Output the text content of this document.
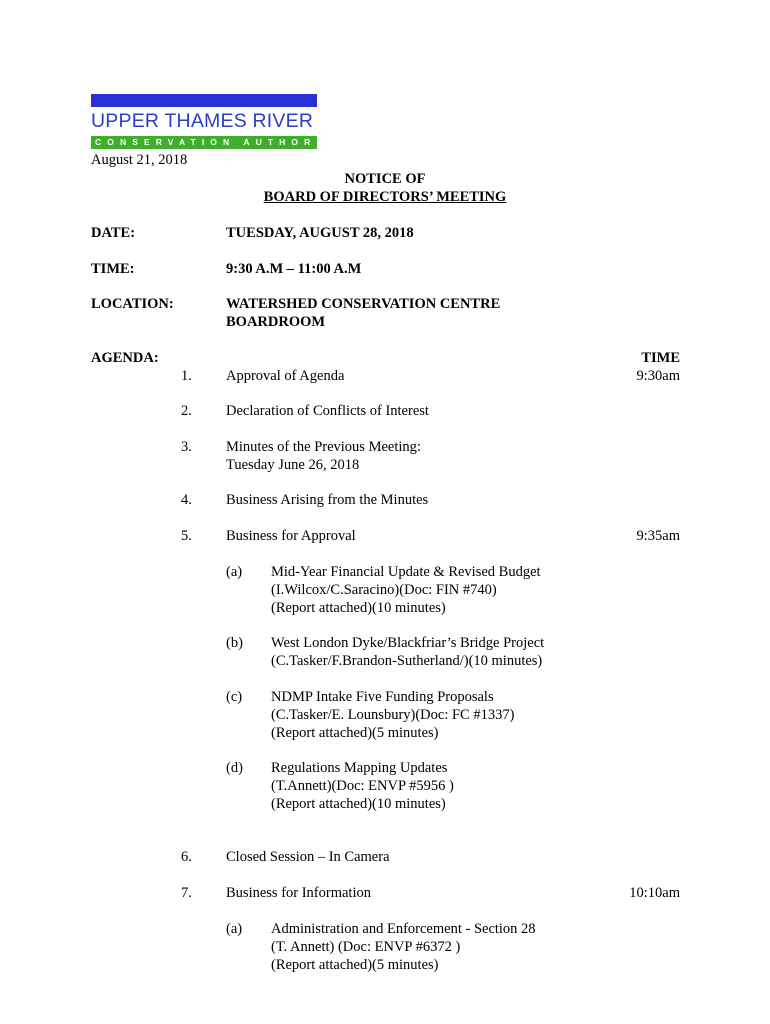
UPPER THAMES RIVER
CONSERVATION AUTHORITY
August 21, 2018
NOTICE OF
BOARD OF DIRECTORS’ MEETING
DATE:	TUESDAY, AUGUST 28, 2018
TIME:	9:30 A.M – 11:00 A.M
LOCATION:	WATERSHED CONSERVATION CENTRE
BOARDROOM
AGENDA:	TIME
1. Approval of Agenda	9:30am
2. Declaration of Conflicts of Interest
3. Minutes of the Previous Meeting:
Tuesday June 26, 2018
4. Business Arising from the Minutes
5. Business for Approval	9:35am
(a) Mid-Year Financial Update & Revised Budget
(I.Wilcox/C.Saracino)(Doc: FIN #740)
(Report attached)(10 minutes)
(b) West London Dyke/Blackfriar’s Bridge Project
(C.Tasker/F.Brandon-Sutherland/)(10 minutes)
(c) NDMP Intake Five Funding Proposals
(C.Tasker/E. Lounsbury)(Doc: FC #1337)
(Report attached)(5 minutes)
(d) Regulations Mapping Updates
(T.Annett)(Doc: ENVP #5956 )
(Report attached)(10 minutes)
6. Closed Session – In Camera
7. Business for Information	10:10am
(a) Administration and Enforcement - Section 28
(T. Annett) (Doc: ENVP #6372 )
(Report attached)(5 minutes)
